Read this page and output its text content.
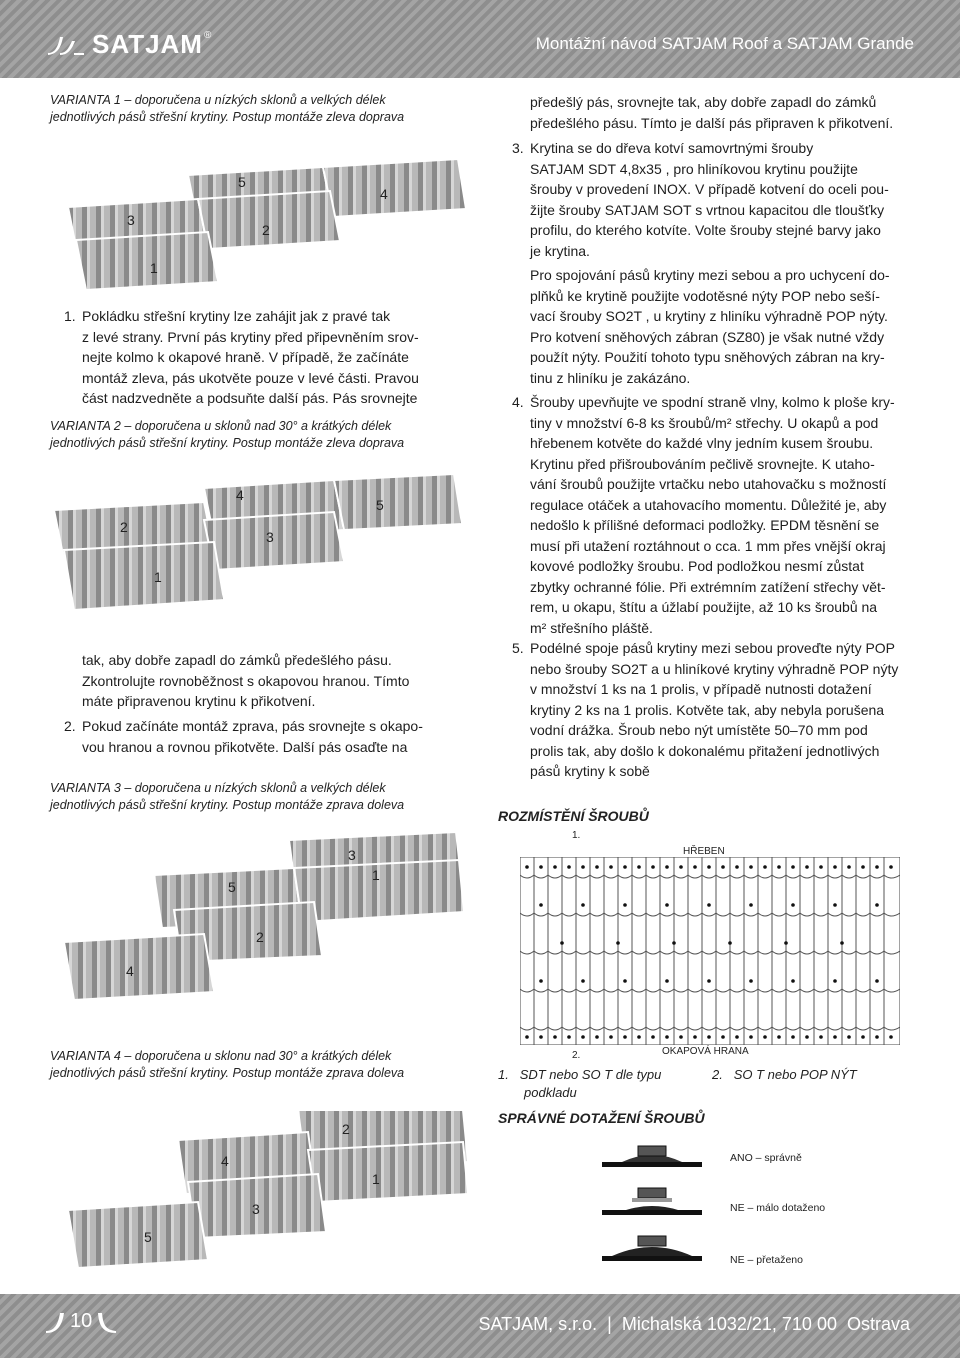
SATJAM ®	Montážní návod SATJAM Roof a SATJAM Grande
VARIANTA 1 – doporučena u nízkých sklonů a velkých délek
jednotlivých pásů střešní krytiny. Postup montáže zleva doprava
3
5
4
2
1
1. Pokládku střešní krytiny lze zahájit jak z pravé tak
z levé strany. První pás krytiny před připevněním srov-
nejte kolmo k okapové hraně. V případě, že začínáte
montáž zleva, pás ukotvěte pouze v levé části. Pravou
část nadzvedněte a podsuňte další pás. Pás srovnejte
VARIANTA 2 – doporučena u sklonů nad 30° a krátkých délek
jednotlivých pásů střešní krytiny. Postup montáže zleva doprava
4
5
2
3
1
tak, aby dobře zapadl do zámků předešlého pásu.
Zkontrolujte rovnoběžnost s okapovou hranou. Tímto
máte připravenou krytinu k přikotvení.
2. Pokud začínáte montáž zprava, pás srovnejte s okapo-
vou hranou a rovnou přikotvěte. Další pás osaďte na
VARIANTA 3 – doporučena u nízkých sklonů a velkých délek
jednotlivých pásů střešní krytiny. Postup montáže zprava doleva
3
5
1
2
4
VARIANTA 4 – doporučena u sklonu nad 30° a krátkých délek
jednotlivých pásů střešní krytiny. Postup montáže zprava doleva
2
4
1
3
5
předešlý pás, srovnejte tak, aby dobře zapadl do zámků
předešlého pásu. Tímto je další pás připraven k přikotvení.
3. Krytina se do dřeva kotví samovrtnými šrouby
SATJAM SDT 4,8x35 , pro hliníkovou krytinu použijte
šrouby v provedení INOX. V případě kotvení do oceli pou-
žijte šrouby SATJAM SOT s vrtnou kapacitou dle tloušťky
profilu, do kterého kotvíte. Volte šrouby stejné barvy jako
je krytina.
Pro spojování pásů krytiny mezi sebou a pro uchycení do-
plňků ke krytině použijte vodotěsné nýty POP nebo seší-
vací šrouby SO2T , u krytiny z hliníku výhradně POP nýty.
Pro kotvení sněhových zábran (SZ80) je však nutné vždy
použít nýty. Použití tohoto typu sněhových zábran na kry-
tinu z hliníku je zakázáno.
4. Šrouby upevňujte ve spodní straně vlny, kolmo k ploše kry-
tiny v množství 6-8 ks šroubů/m² střechy. U okapů a pod
hřebenem kotvěte do každé vlny jedním kusem šroubu.
Krytinu před přišroubováním pečlivě srovnejte. K utaho-
vání šroubů použijte vrtačku nebo utahovačku s možností
regulace otáček a utahovacího momentu. Důležité je, aby
nedošlo k přílišné deformaci podložky. EPDM těsnění se
musí při utažení roztáhnout o cca. 1 mm přes vnější okraj
kovové podložky šroubu. Pod podložkou nesmí zůstat
zbytky ochranné fólie. Při extrémním zatížení střechy vět-
rem, u okapu, štítu a úžlabí použijte, až 10 ks šroubů na
m² střešního pláště.
5. Podélné spoje pásů krytiny mezi sebou proveďte nýty POP
nebo šrouby SO2T a u hliníkové krytiny výhradně POP nýty
v množství 1 ks na 1 prolis, v případě nutnosti dotažení
krytiny 2 ks na 1 prolis. Kotvěte tak, aby nebyla porušena
vodní drážka. Šroub nebo nýt umístěte 50–70 mm pod
prolis tak, aby došlo k dokonalému přitažení jednotlivých
pásů krytiny k sobě
ROZMÍSTĚNÍ ŠROUBŮ
1.
HŘEBEN
2.	OKAPOVÁ HRANA
1. SDT nebo SO T dle typu
podkladu
2. SO T nebo POP NÝT
SPRÁVNÉ DOTAŽENÍ ŠROUBŮ
ANO – správně
NE – málo dotaženo
NE – přetaženo
10	SATJAM, s.r.o.  |  Michalská 1032/21, 710 00  Ostrava
